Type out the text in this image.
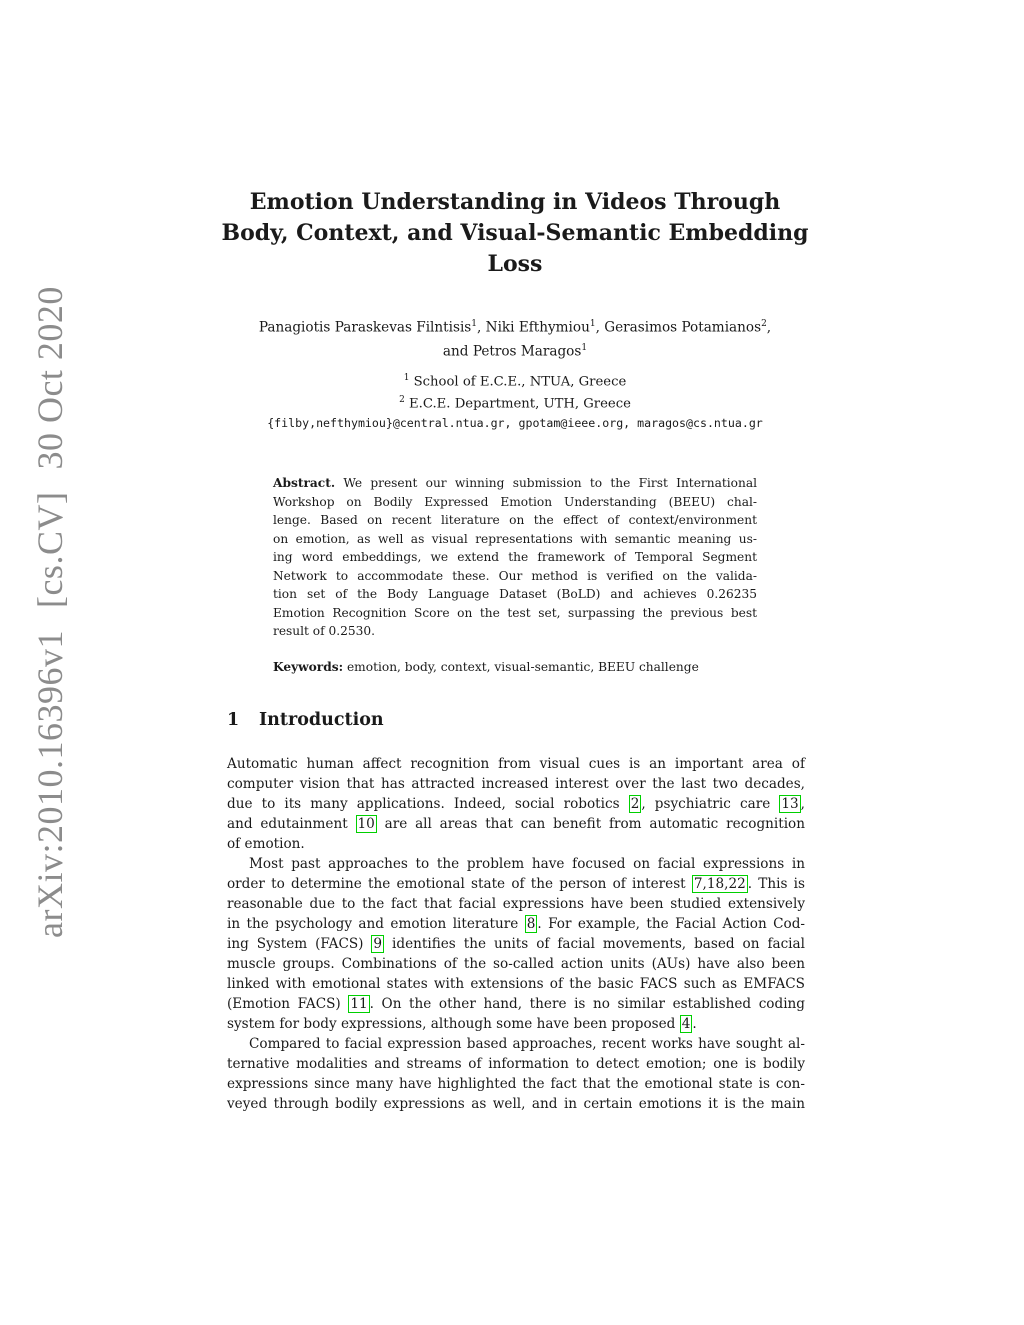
arXiv:2010.16396v1[cs.CV]30 Oct 2020
Emotion Understanding in Videos Through
Body, Context, and Visual-Semantic Embedding
Loss
Panagiotis Paraskevas Filntisis$^1$, Niki Efthymiou$^1$, Gerasimos Potamianos$^2$,
and Petros Maragos$^1$
$^1$ School of E.C.E., NTUA, Greece
$^2$ E.C.E. Department, UTH, Greece
{filby,nefthymiou}@central.ntua.gr, gpotam@ieee.org, maragos@cs.ntua.gr
Abstract. We present our winning submission to the First International
Workshop on Bodily Expressed Emotion Understanding (BEEU) chal-
lenge. Based on recent literature on the effect of context/environment
on emotion, as well as visual representations with semantic meaning us-
ing word embeddings, we extend the framework of Temporal Segment
Network to accommodate these. Our method is verified on the valida-
tion set of the Body Language Dataset (BoLD) and achieves 0.26235
Emotion Recognition Score on the test set, surpassing the previous best
result of 0.2530.
Keywords: emotion, body, context, visual-semantic, BEEU challenge
1 Introduction
Automatic human affect recognition from visual cues is an important area of
computer vision that has attracted increased interest over the last two decades,
due to its many applications. Indeed, social robotics 2 , psychiatric care 13 ,
and edutainment 10 are all areas that can benefit from automatic recognition
of emotion.
Most past approaches to the problem have focused on facial expressions in
order to determine the emotional state of the person of interest 7,18,22 . This is
reasonable due to the fact that facial expressions have been studied extensively
in the psychology and emotion literature 8 . For example, the Facial Action Cod-
ing System (FACS) 9 identifies the units of facial movements, based on facial
muscle groups. Combinations of the so-called action units (AUs) have also been
linked with emotional states with extensions of the basic FACS such as EMFACS
(Emotion FACS) 11 . On the other hand, there is no similar established coding
system for body expressions, although some have been proposed 4 .
Compared to facial expression based approaches, recent works have sought al-
ternative modalities and streams of information to detect emotion; one is bodily
expressions since many have highlighted the fact that the emotional state is con-
veyed through bodily expressions as well, and in certain emotions it is the main
